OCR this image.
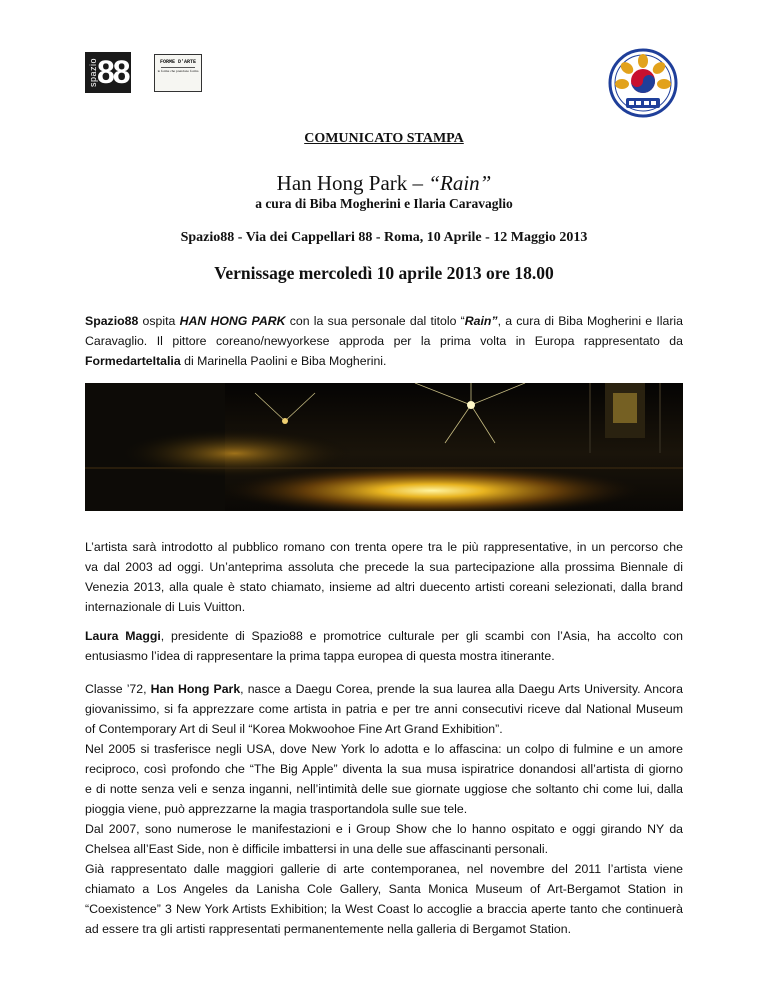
spazio 88	FORME D'ARTE
le forme che prendono forma
COMUNICATO STAMPA
Han Hong Park – “Rain”
a cura di Biba Mogherini e Ilaria Caravaglio
Spazio88 - Via dei Cappellari 88 - Roma, 10 Aprile - 12 Maggio 2013
Vernissage mercoledì 10 aprile 2013 ore 18.00
Spazio88 ospita HAN HONG PARK con la sua personale dal titolo “Rain”, a cura di Biba Mogherini e Ilaria
Caravaglio. Il pittore coreano/newyorkese approda per la prima volta in Europa rappresentato da
FormedarteItalia di Marinella Paolini e Biba Mogherini.
L’artista sarà introdotto al pubblico romano con trenta opere tra le più rappresentative, in un percorso che
va dal 2003 ad oggi. Un’anteprima assoluta che precede la sua partecipazione alla prossima Biennale di
Venezia 2013, alla quale è stato chiamato, insieme ad altri duecento artisti coreani selezionati, dalla brand
internazionale di Luis Vuitton.
Laura Maggi, presidente di Spazio88 e promotrice culturale per gli scambi con l’Asia, ha accolto con
entusiasmo l’idea di rappresentare la prima tappa europea di questa mostra itinerante.
Classe ’72, Han Hong Park, nasce a Daegu Corea, prende la sua laurea alla Daegu Arts University. Ancora
giovanissimo, si fa apprezzare come artista in patria e per tre anni consecutivi riceve dal National Museum
of Contemporary Art di Seul il “Korea Mokwoohoe Fine Art Grand Exhibition”.
Nel 2005 si trasferisce negli USA, dove New York lo adotta e lo affascina: un colpo di fulmine e un amore
reciproco, così profondo che “The Big Apple” diventa la sua musa ispiratrice donandosi all’artista di giorno
e di notte senza veli e senza inganni, nell’intimità delle sue giornate uggiose che soltanto chi come lui, dalla
pioggia viene, può apprezzarne la magia trasportandola sulle sue tele.
Dal 2007, sono numerose le manifestazioni e i Group Show che lo hanno ospitato e oggi girando NY da
Chelsea all’East Side, non è difficile imbattersi in una delle sue affascinanti personali.
Già rappresentato dalle maggiori gallerie di arte contemporanea, nel novembre del 2011 l’artista viene
chiamato a Los Angeles da Lanisha Cole Gallery, Santa Monica Museum of Art-Bergamot Station in
“Coexistence” 3 New York Artists Exhibition; la West Coast lo accoglie a braccia aperte tanto che continuerà
ad essere tra gli artisti rappresentati permanentemente nella galleria di Bergamot Station.
